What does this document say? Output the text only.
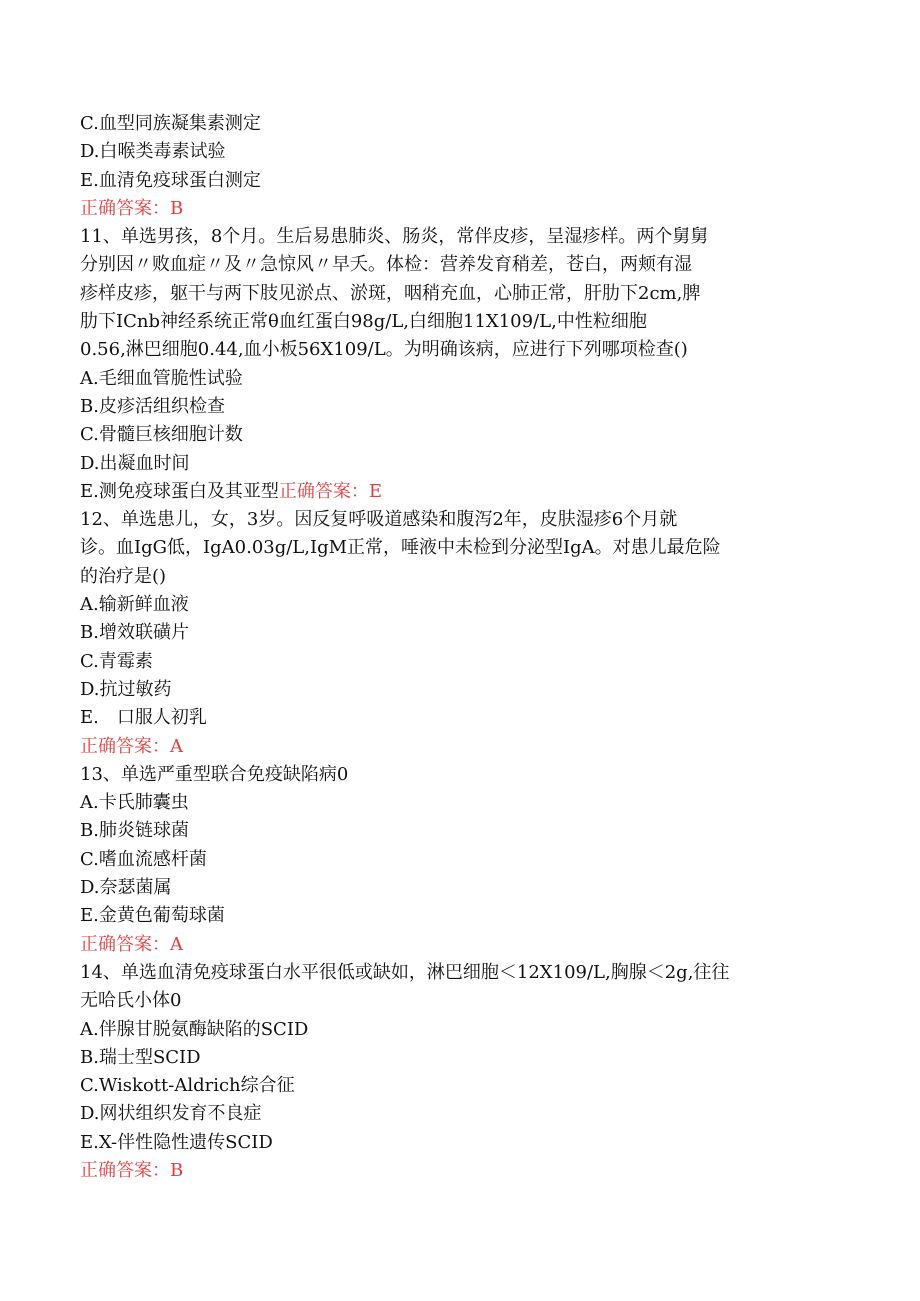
C.血型同族凝集素测定
D.白喉类毒素试验
E.血清免疫球蛋白测定
正确答案：B
11、单选男孩，8个月。生后易患肺炎、肠炎，常伴皮疹，呈湿疹样。两个舅舅
分别因〃败血症〃及〃急惊风〃早夭。体检：营养发育稍差，苍白，两颊有湿
疹样皮疹，躯干与两下肢见淤点、淤斑，咽稍充血，心肺正常，肝肋下2cm,脾
肋下ICnb神经系统正常θ血红蛋白98g/L,白细胞11X109/L,中性粒细胞
0.56,淋巴细胞0.44,血小板56X109/L。为明确该病，应进行下列哪项检查()
A.毛细血管脆性试验
B.皮疹活组织检查
C.骨髓巨核细胞计数
D.出凝血时间
E.测免疫球蛋白及其亚型正确答案：E
12、单选患儿，女，3岁。因反复呼吸道感染和腹泻2年，皮肤湿疹6个月就
诊。血IgG低，IgA0.03g/L,IgM正常，唾液中未检到分泌型IgA。对患儿最危险
的治疗是()
A.输新鲜血液
B.增效联磺片
C.青霉素
D.抗过敏药
E.　口服人初乳
正确答案：A
13、单选严重型联合免疫缺陷病0
A.卡氏肺囊虫
B.肺炎链球菌
C.嗜血流感杆菌
D.奈瑟菌属
E.金黄色葡萄球菌
正确答案：A
14、单选血清免疫球蛋白水平很低或缺如，淋巴细胞＜12X109/L,胸腺＜2g,往往
无哈氏小体0
A.伴腺甘脱氨酶缺陷的SCID
B.瑞士型SCID
C.Wiskott-Aldrich综合征
D.网状组织发育不良症
E.X-伴性隐性遗传SCID
正确答案：B
